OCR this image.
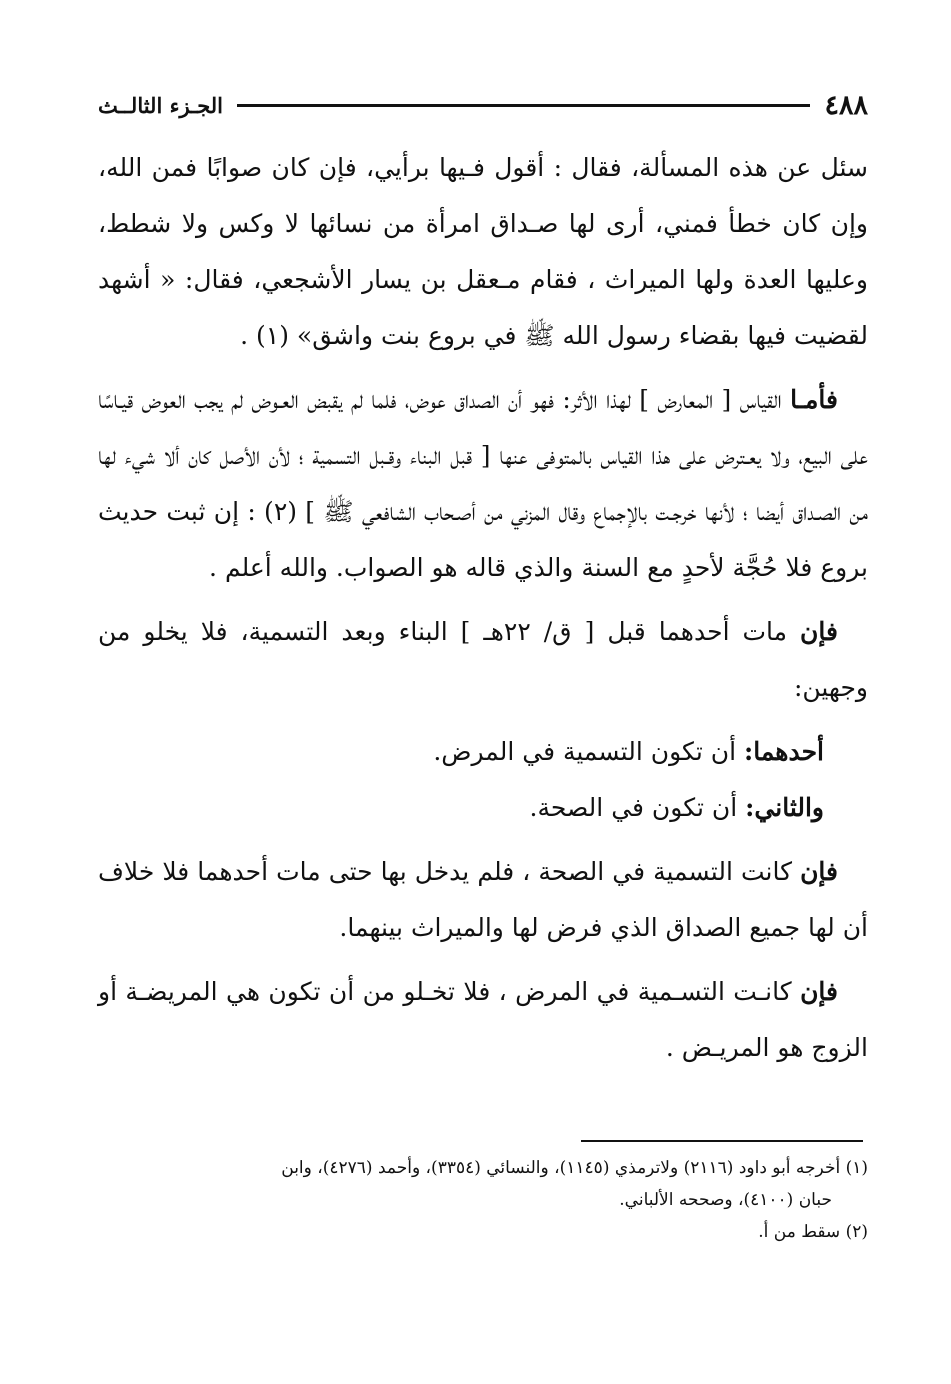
٤٨٨
الجـزء الثالــث

سئل عن هذه المسألة، فقال : أقول فـيها برأيي، فإن كان صوابًا فمن الله، وإن كان خطأ فمني، أرى لها صـداق امرأة من نسائها لا وكس ولا شطط، وعليها العدة ولها الميراث ، فقام مـعقل بن يسار الأشجعي، فقال: « أشهد لقضيت فيها بقضاء رسول الله ﷺ في بروع بنت واشق» (١) .

فأمـا القياس [ المعارض ] لهذا الأثر: فهو أن الصداق عوض، فلما لم يقبض العـوض لم يجب العوض قيـاسًا على البيع، ولا يعـترض على هذا القياس بالمتوفى عنها [ قبل البناء وقـبل التسمية ؛ لأن الأصل كان ألا شيء لها من الصـداق أيضا ؛ لأنها خرجـت بالإجماع وقال المزني من أصـحاب الشافعي ﷺ ] (٢) : إن ثبت حديث بروع فلا حُجَّة لأحدٍ مع السنة والذي قاله هو الصواب. والله أعلم .

فإن مات أحدهما قبل [ ق/ ٢٢هـ ] البناء وبعد التسمية، فلا يخلو من وجهين:

أحدهما: أن تكون التسمية في المرض.

والثاني: أن تكون في الصحة.

فإن كانت التسمية في الصحة ، فلم يدخل بها حتى مات أحدهما فلا خلاف أن لها جميع الصداق الذي فرض لها والميراث بينهما.

فإن كانـت التسـمية في المرض ، فلا تخـلو من أن تكون هي المريضـة أو الزوج هو المريـض .

(١) أخرجه أبو داود (٢١١٦) ولاترمذي (١١٤٥)، والنسائي (٣٣٥٤)، وأحمد (٤٢٧٦)، وابن

حبان (٤١٠٠)، وصححه الألباني.

(٢) سقط من أ.
